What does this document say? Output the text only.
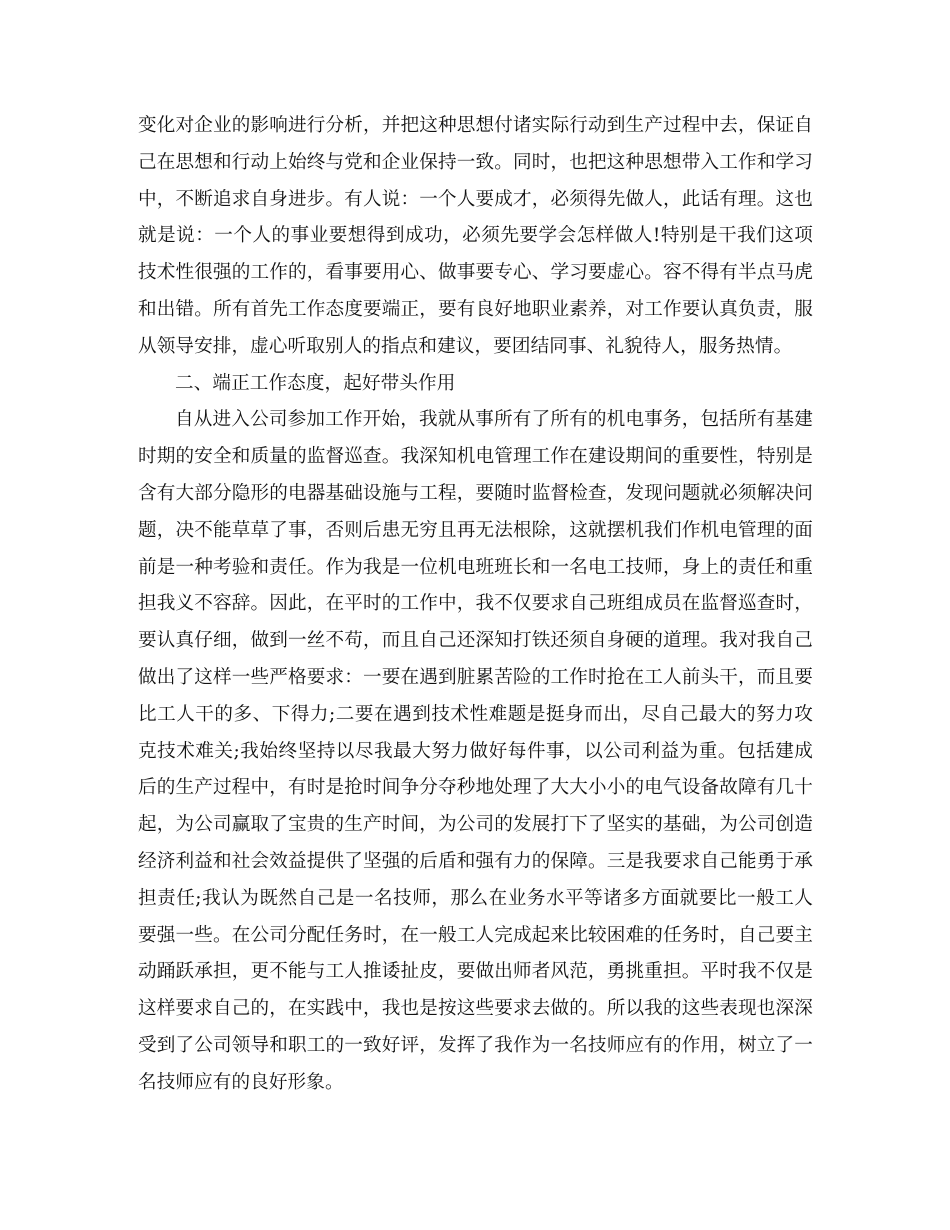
变化对企业的影响进行分析，并把这种思想付诸实际行动到生产过程中去，保证自
己在思想和行动上始终与党和企业保持一致。同时，也把这种思想带入工作和学习
中，不断追求自身进步。有人说：一个人要成才，必须得先做人，此话有理。这也
就是说：一个人的事业要想得到成功，必须先要学会怎样做人!特别是干我们这项
技术性很强的工作的，看事要用心、做事要专心、学习要虚心。容不得有半点马虎
和出错。所有首先工作态度要端正，要有良好地职业素养，对工作要认真负责，服
从领导安排，虚心听取别人的指点和建议，要团结同事、礼貌待人，服务热情。
二、端正工作态度，起好带头作用
自从进入公司参加工作开始，我就从事所有了所有的机电事务，包括所有基建
时期的安全和质量的监督巡查。我深知机电管理工作在建设期间的重要性，特别是
含有大部分隐形的电器基础设施与工程，要随时监督检查，发现问题就必须解决问
题，决不能草草了事，否则后患无穷且再无法根除，这就摆机我们作机电管理的面
前是一种考验和责任。作为我是一位机电班班长和一名电工技师，身上的责任和重
担我义不容辞。因此，在平时的工作中，我不仅要求自己班组成员在监督巡查时，
要认真仔细，做到一丝不苟，而且自己还深知打铁还须自身硬的道理。我对我自己
做出了这样一些严格要求：一要在遇到脏累苦险的工作时抢在工人前头干，而且要
比工人干的多、下得力;二要在遇到技术性难题是挺身而出，尽自己最大的努力攻
克技术难关;我始终坚持以尽我最大努力做好每件事，以公司利益为重。包括建成
后的生产过程中，有时是抢时间争分夺秒地处理了大大小小的电气设备故障有几十
起，为公司赢取了宝贵的生产时间，为公司的发展打下了坚实的基础，为公司创造
经济利益和社会效益提供了坚强的后盾和强有力的保障。三是我要求自己能勇于承
担责任;我认为既然自己是一名技师，那么在业务水平等诸多方面就要比一般工人
要强一些。在公司分配任务时，在一般工人完成起来比较困难的任务时，自己要主
动踊跃承担，更不能与工人推诿扯皮，要做出师者风范，勇挑重担。平时我不仅是
这样要求自己的，在实践中，我也是按这些要求去做的。所以我的这些表现也深深
受到了公司领导和职工的一致好评，发挥了我作为一名技师应有的作用，树立了一
名技师应有的良好形象。
